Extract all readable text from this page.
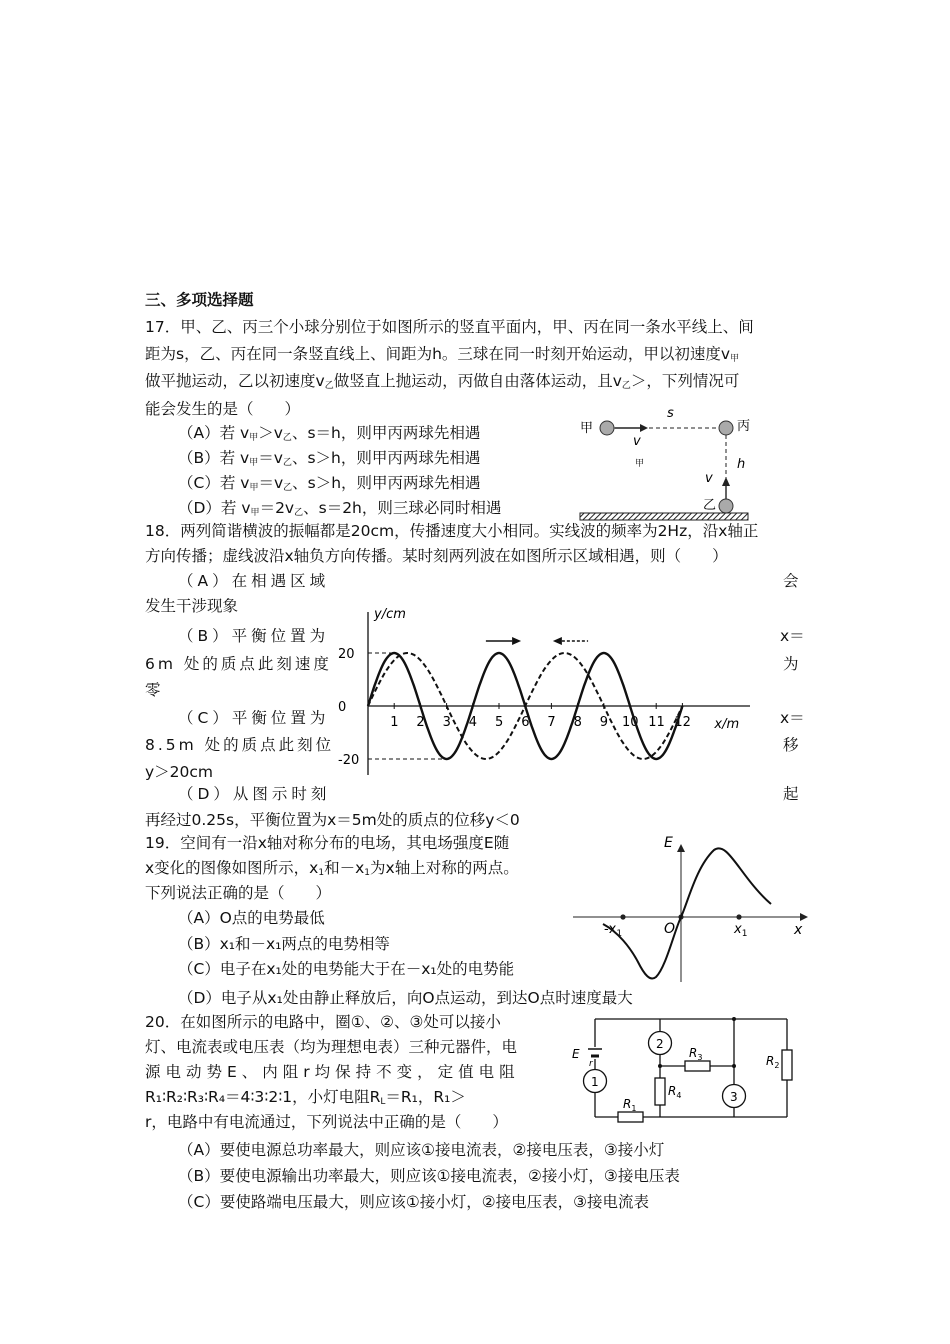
三、多项选择题
17．甲、乙、丙三个小球分别位于如图所示的竖直平面内，甲、丙在同一条水平线上、间
距为s，乙、丙在同一条竖直线上、间距为h。三球在同一时刻开始运动，甲以初速度$v_甲$
做平抛运动，乙以初速度$v_乙$做竖直上抛运动，丙做自由落体运动，且$v_乙>$，下列情况可
能会发生的是（　　）
（A）若 $v_甲>v_乙$、s＝h，则甲丙两球先相遇
（B）若 $v_甲=v_乙$、s＞h，则甲丙两球先相遇
（C）若 $v_甲=v_乙$、s＞h，则甲丙两球先相遇
（D）若 $v_甲=2v_乙$、s＝2h，则三球必同时相遇
甲
s
v
甲
丙
h
v
乙
18．两列简谐横波的振幅都是20cm，传播速度大小相同。实线波的频率为2Hz，沿x轴正
方向传播；虚线波沿x轴负方向传播。某时刻两列波在如图所示区域相遇，则（　　）
（A）在相遇区域	会
发生干涉现象
（B）平衡位置为	x＝
6m 处的质点此刻速度	为
零
（C）平衡位置为	x＝
8.5m 处的质点此刻位	移
y＞20cm
（D）从图示时刻	起
再经过0.25s，平衡位置为x＝5m处的质点的位移y＜0
y/cm
x/m
20
0
-20
1 2 3 4 5 6 7 8 9 10 11 12
19．空间有一沿x轴对称分布的电场，其电场强度E随
x变化的图像如图所示，$x_1$和$-x_1$为x轴上对称的两点。
下列说法正确的是（　　）
（A）O点的电势最低
（B）x₁和－x₁两点的电势相等
（C）电子在x₁处的电势能大于在－x₁处的电势能
（D）电子从x₁处由静止释放后，向O点运动，到达O点时速度最大
E
x
O
$-x_1$	$x_1$
20．在如图所示的电路中，圈①、②、③处可以接小
灯、电流表或电压表（均为理想电表）三种元器件，电
源电动势E、内阻r均保持不变，定值电阻
R₁∶R₂∶R₃∶R₄＝4∶3∶2∶1，小灯电阻$R_L=R_1$，R₁＞
r，电路中有电流通过，下列说法中正确的是（　　）
（A）要使电源总功率最大，则应该①接电流表，②接电压表，③接小灯
（B）要使电源输出功率最大，则应该①接电流表，②接小灯，③接电压表
（C）要使路端电压最大，则应该①接小灯，②接电压表，③接电流表
E
r
1
2
3
$R_1$
$R_2$
$R_3$
$R_4$
